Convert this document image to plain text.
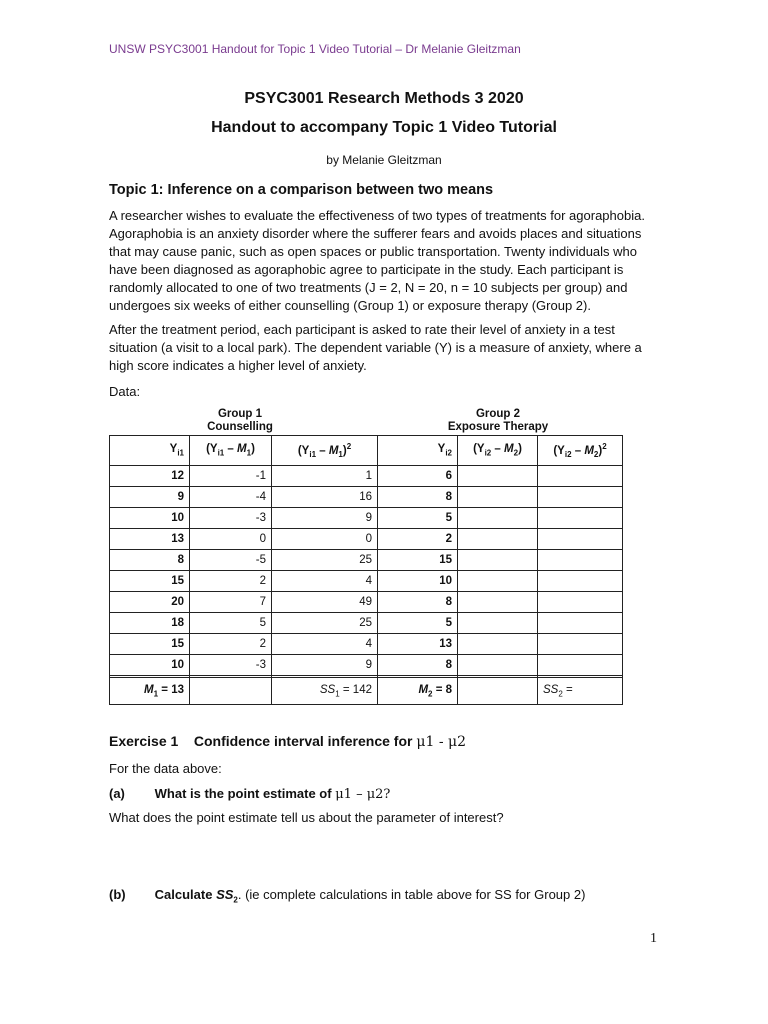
UNSW PSYC3001 Handout for Topic 1 Video Tutorial – Dr Melanie Gleitzman
PSYC3001 Research Methods 3 2020
Handout to accompany Topic 1 Video Tutorial
by Melanie Gleitzman
Topic 1: Inference on a comparison between two means
A researcher wishes to evaluate the effectiveness of two types of treatments for agoraphobia.
Agoraphobia is an anxiety disorder where the sufferer fears and avoids places and situations
that may cause panic, such as open spaces or public transportation. Twenty individuals who
have been diagnosed as agoraphobic agree to participate in the study. Each participant is
randomly allocated to one of two treatments (J = 2, N = 20, n = 10 subjects per group) and
undergoes six weeks of either counselling (Group 1) or exposure therapy (Group 2).
After the treatment period, each participant is asked to rate their level of anxiety in a test
situation (a visit to a local park). The dependent variable (Y) is a measure of anxiety, where a
high score indicates a higher level of anxiety.
Data:
Group 1
Counselling
Group 2
Exposure Therapy
$Y_{i1}$	$(Y_{i1} - M_1)$	$(Y_{i1} - M_1)^2$	$Y_{i2}$	$(Y_{i2} - M_2)$	$(Y_{i2} - M_2)^2$
12	-1	1	6		
9	-4	16	8		
10	-3	9	5		
13	0	0	2		
8	-5	25	15		
15	2	4	10		
20	7	49	8		
18	5	25	5		
15	2	4	13		
10	-3	9	8		

$M_1 = 13$		$SS_1 = 142$	$M_2 = 8$		$SS_2$ =
Exercise 1 Confidence interval inference for μ1 - μ2
For the data above:
(a) What is the point estimate of μ1 – μ2?
What does the point estimate tell us about the parameter of interest?
(b) Calculate $SS_2$. (ie complete calculations in table above for SS for Group 2)
1
